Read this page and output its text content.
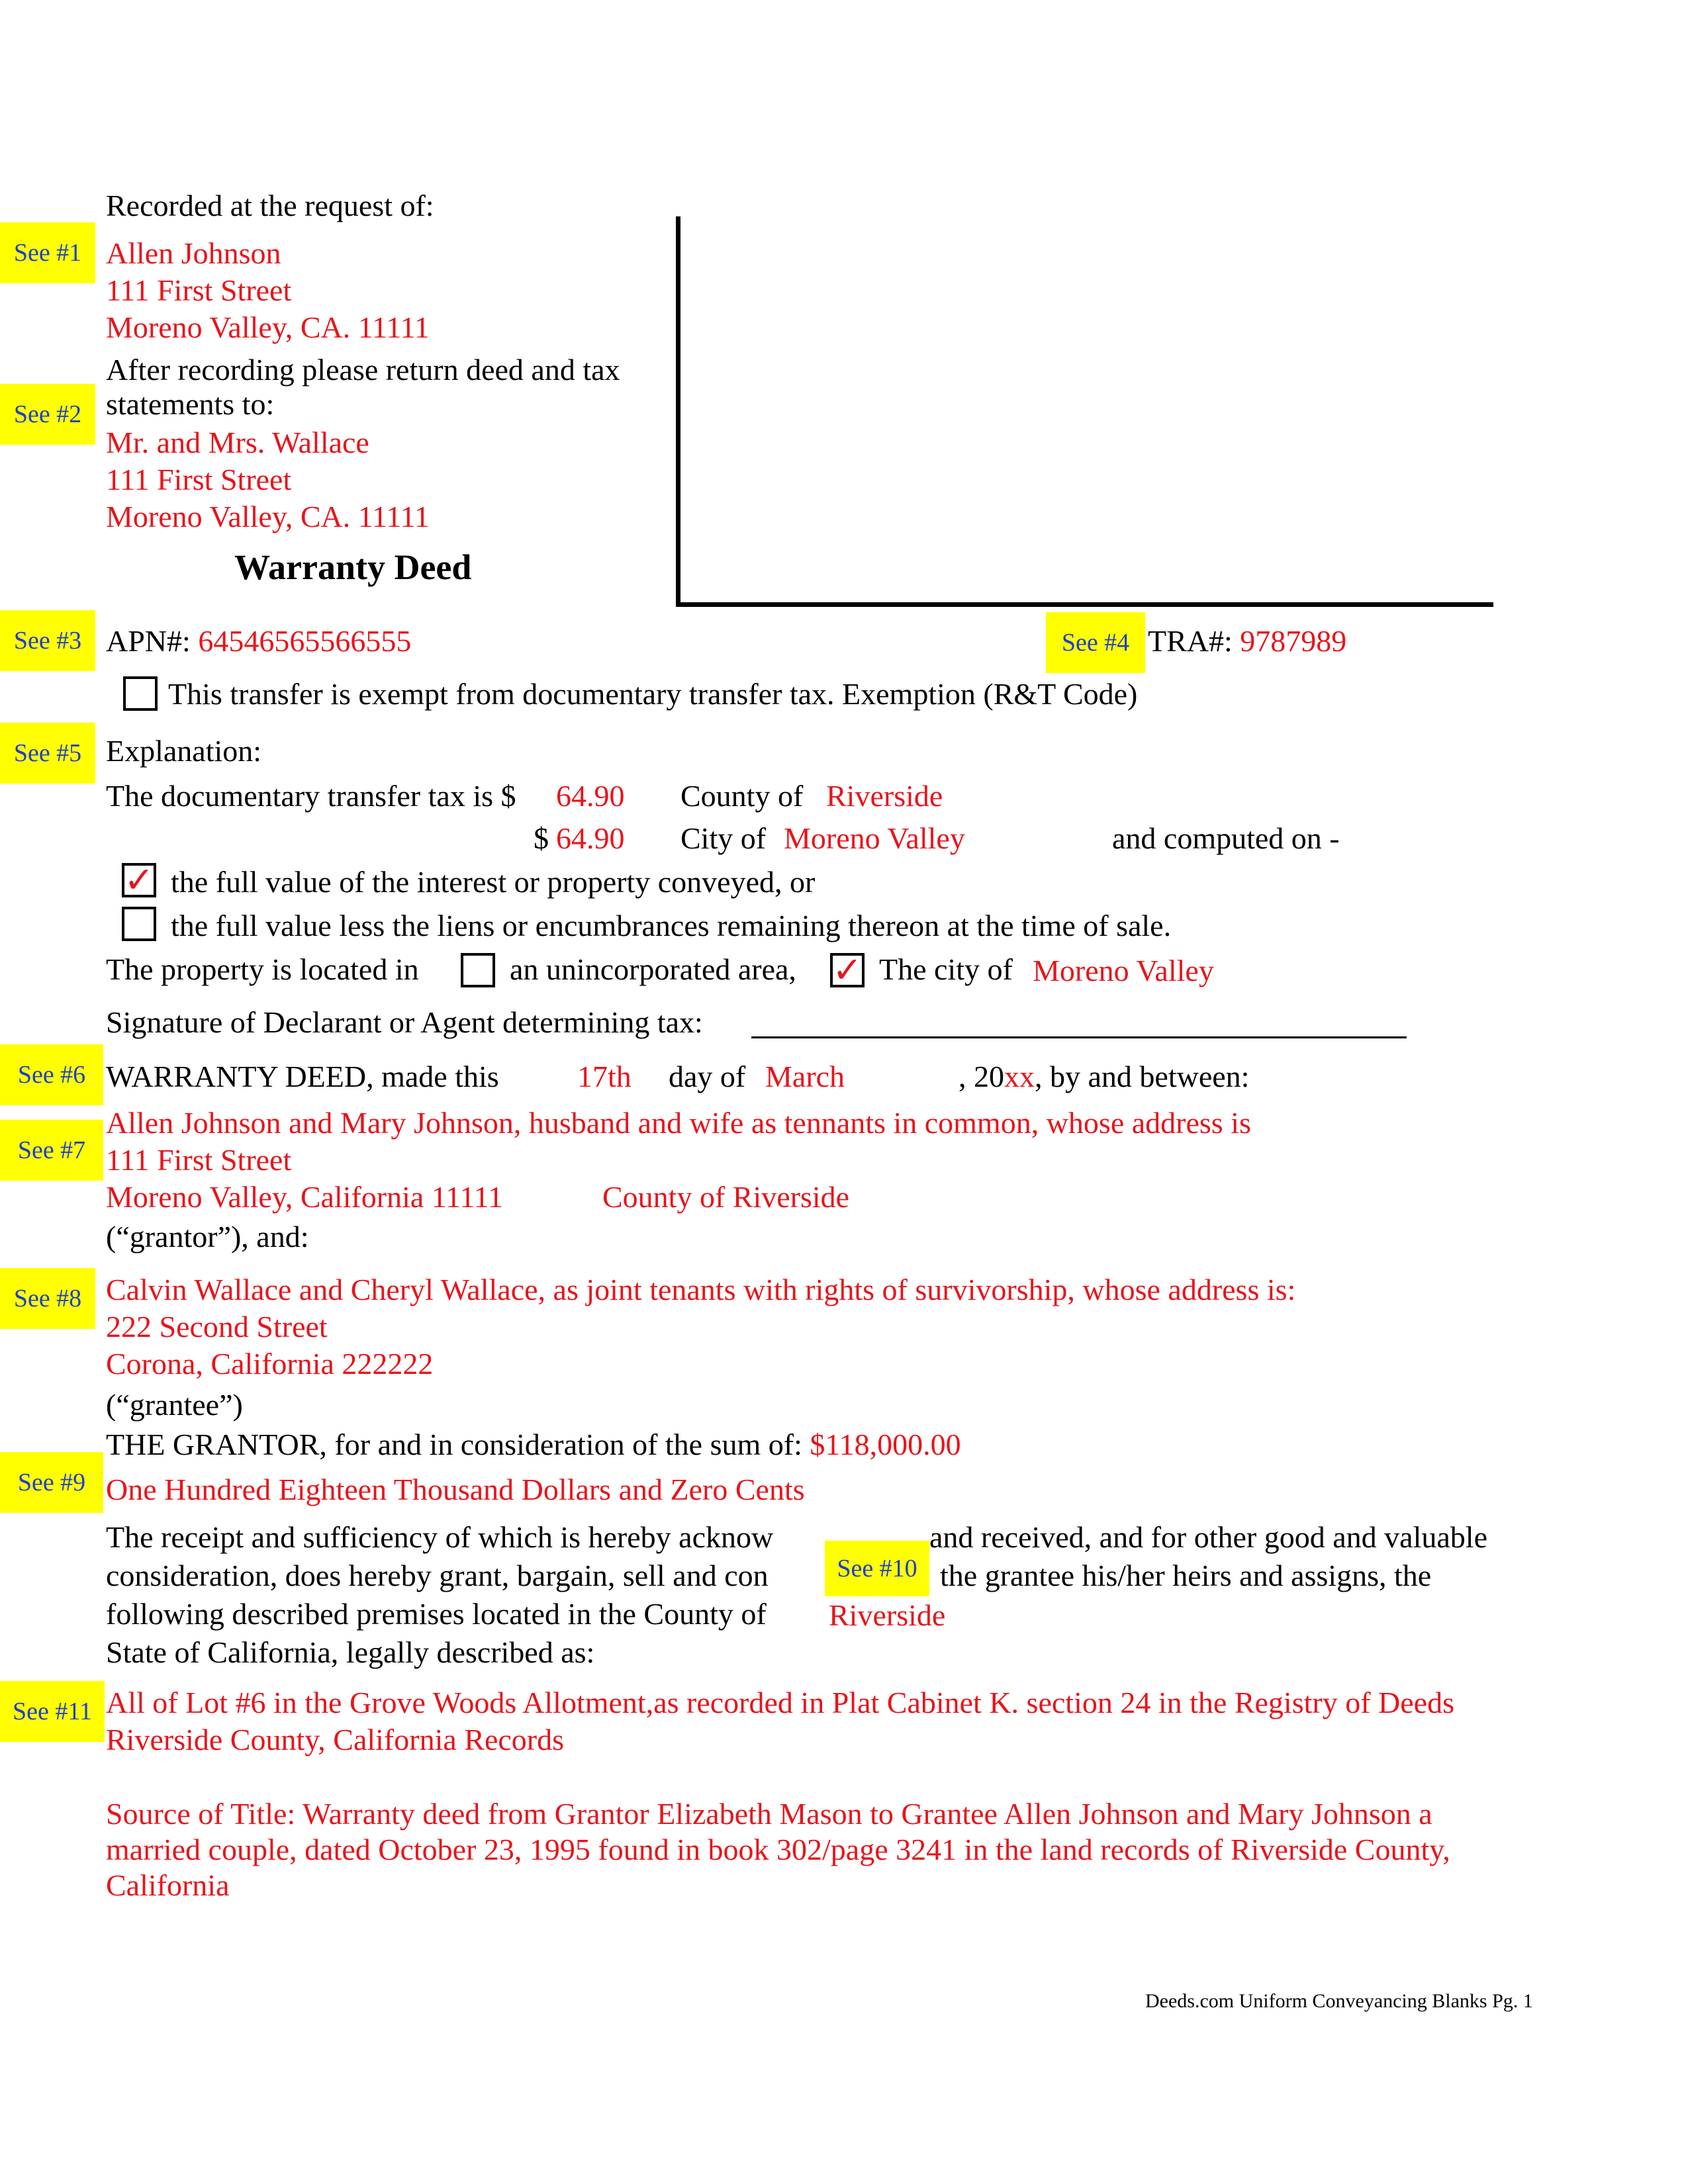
See #1
See #2
See #3	See #4
See #5
See #6
See #7
See #8
See #9
See #10
See #11
Recorded at the request of:
Allen Johnson
111 First Street
Moreno Valley, CA. 11111
After recording please return deed and tax
statements to:
Mr. and Mrs. Wallace
111 First Street
Moreno Valley, CA. 11111
Warranty Deed
APN#: 64546565566555	TRA#: 9787989
This transfer is exempt from documentary transfer tax. Exemption (R&T Code)
Explanation:
The documentary transfer tax is $ 64.90 County of Riverside
$ 64.90 City of Moreno Valley	and computed on -
✓ the full value of the interest or property conveyed, or
the full value less the liens or encumbrances remaining thereon at the time of sale.
The property is located in	an unincorporated area, ✓ The city of Moreno Valley
Signature of Declarant or Agent determining tax:
WARRANTY DEED, made this	17th day of March	, 20xx, by and between:
Allen Johnson and Mary Johnson, husband and wife as tennants in common, whose address is
111 First Street
Moreno Valley, California 11111	County of Riverside
(“grantor”), and:
Calvin Wallace and Cheryl Wallace, as joint tenants with rights of survivorship, whose address is:
222 Second Street
Corona, California 222222
(“grantee”)
THE GRANTOR, for and in consideration of the sum of: $118,000.00
One Hundred Eighteen Thousand Dollars and Zero Cents
The receipt and sufficiency of which is hereby acknow	and received, and for other good and valuable
consideration, does hereby grant, bargain, sell and con	the grantee his/her heirs and assigns, the
following described premises located in the County of Riverside
State of California, legally described as:
All of Lot #6 in the Grove Woods Allotment,as recorded in Plat Cabinet K. section 24 in the Registry of Deeds
Riverside County, California Records
Source of Title: Warranty deed from Grantor Elizabeth Mason to Grantee Allen Johnson and Mary Johnson a
married couple, dated October 23, 1995 found in book 302/page 3241 in the land records of Riverside County,
California
Deeds.com Uniform Conveyancing Blanks Pg. 1
